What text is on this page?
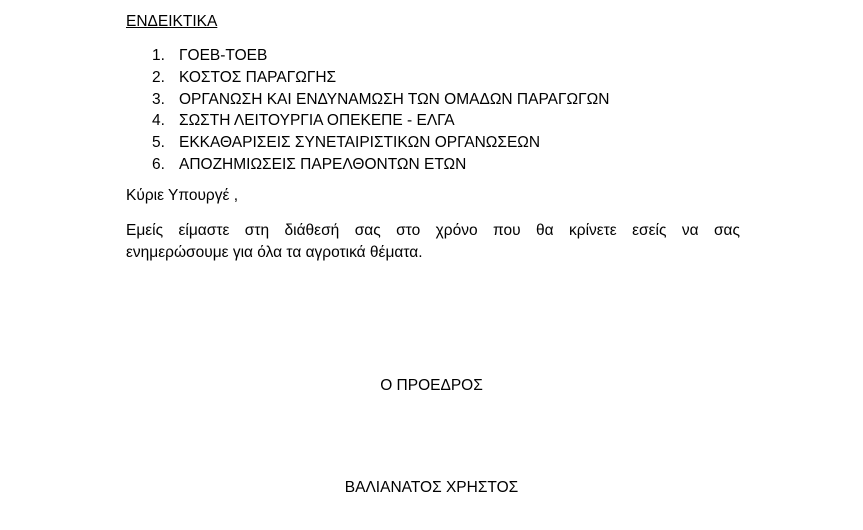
ΕΝΔΕΙΚΤΙΚΑ
1. ΓΟΕΒ-ΤΟΕΒ
2. ΚΟΣΤΟΣ ΠΑΡΑΓΩΓΗΣ
3. ΟΡΓΑΝΩΣΗ ΚΑΙ ΕΝΔΥΝΑΜΩΣΗ ΤΩΝ ΟΜΑΔΩΝ ΠΑΡΑΓΩΓΩΝ
4. ΣΩΣΤΗ ΛΕΙΤΟΥΡΓΙΑ ΟΠΕΚΕΠΕ - ΕΛΓΑ
5. ΕΚΚΑΘΑΡΙΣΕΙΣ ΣΥΝΕΤΑΙΡΙΣΤΙΚΩΝ ΟΡΓΑΝΩΣΕΩΝ
6. ΑΠΟΖΗΜΙΩΣΕΙΣ ΠΑΡΕΛΘΟΝΤΩΝ ΕΤΩΝ
Κύριε Υπουργέ ,
Εμείς είμαστε στη διάθεσή σας στο χρόνο που θα κρίνετε εσείς να σας
ενημερώσουμε για όλα τα αγροτικά θέματα.
Ο ΠΡΟΕΔΡΟΣ
ΒΑΛΙΑΝΑΤΟΣ ΧΡΗΣΤΟΣ
